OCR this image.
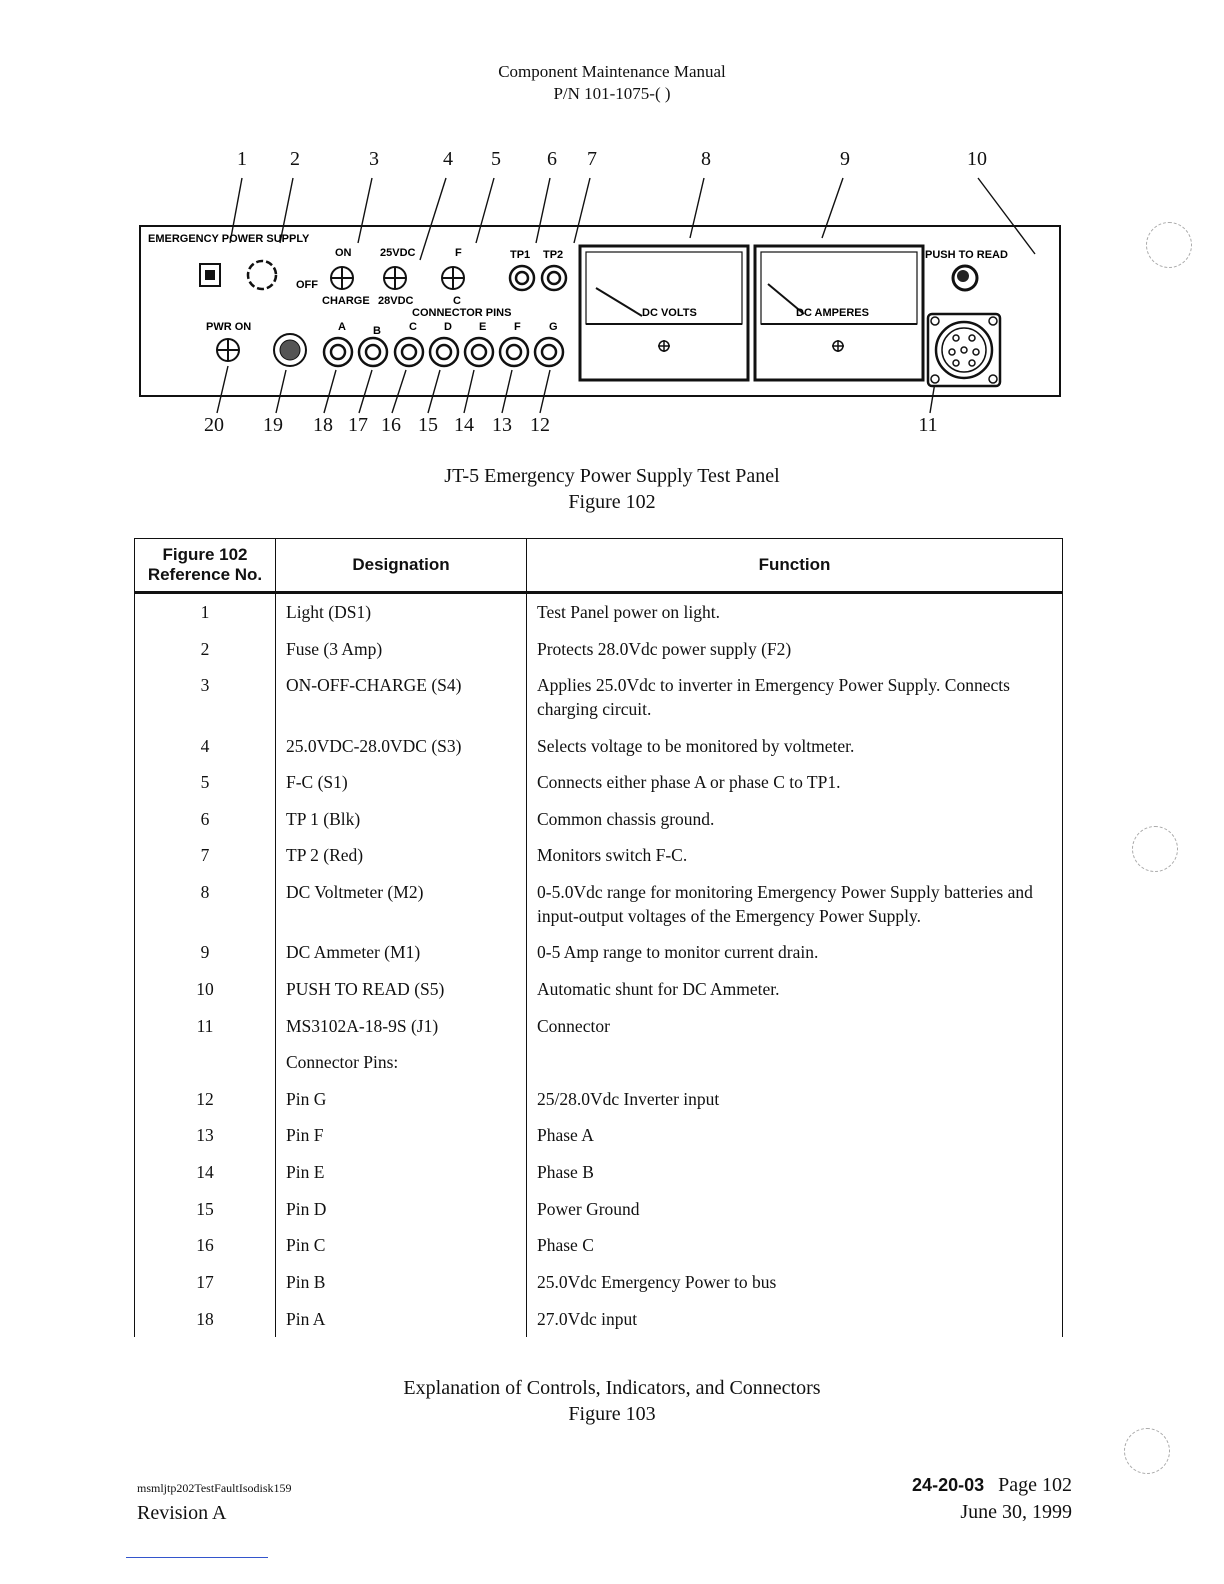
Component Maintenance Manual
P/N 101-1075-( )
1	2	3	4	5	6	7	8	9	10
20	19	18 17 16 15 14 13 12	11
EMERGENCY POWER SUPPLY
ON
OFF
CHARGE
25VDC
28VDC
F
C
TP1 TP2
CONNECTOR PINS
PWR ON	A B	C D E	F	G
DC VOLTS	DC AMPERES
PUSH TO READ
JT-5 Emergency Power Supply Test Panel
Figure 102
Figure 102
Reference No.	Designation	Function
1	Light (DS1)	Test Panel power on light.
2	Fuse (3 Amp)	Protects 28.0Vdc power supply (F2)
3	ON-OFF-CHARGE (S4)	Applies 25.0Vdc to inverter in Emergency Power Supply. Connects charging circuit.
4	25.0VDC-28.0VDC (S3)	Selects voltage to be monitored by voltmeter.
5	F-C (S1)	Connects either phase A or phase C to TP1.
6	TP 1 (Blk)	Common chassis ground.
7	TP 2 (Red)	Monitors switch F-C.
8	DC Voltmeter (M2)	0-5.0Vdc range for monitoring Emergency Power Supply batteries and input-output voltages of the Emergency Power Supply.
9	DC Ammeter (M1)	0-5 Amp range to monitor current drain.
10	PUSH TO READ (S5)	Automatic shunt for DC Ammeter.
11	MS3102A-18-9S (J1)	Connector
	Connector Pins:	
12	Pin G	25/28.0Vdc Inverter input
13	Pin F	Phase A
14	Pin E	Phase B
15	Pin D	Power Ground
16	Pin C	Phase C
17	Pin B	25.0Vdc Emergency Power to bus
18	Pin A	27.0Vdc input
Explanation of Controls, Indicators, and Connectors
Figure 103
msmljtp202TestFaultIsodisk159
Revision A
24-20-03 Page 102
June 30, 1999
